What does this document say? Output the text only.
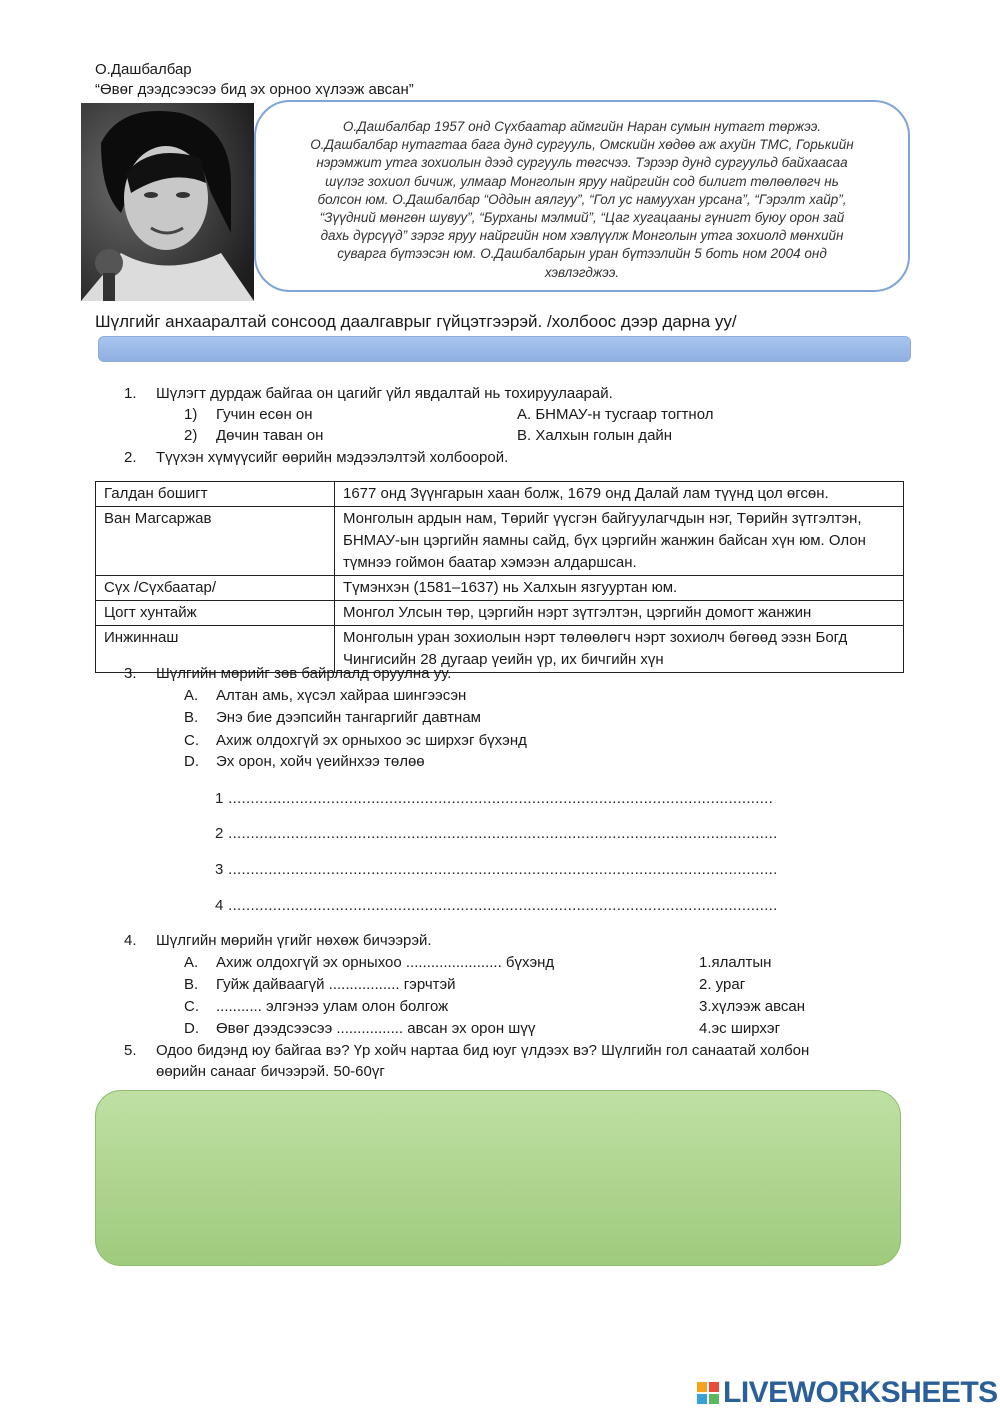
О.Дашбалбар
“Өвөг дээдсээсээ бид эх орноо хүлээж авсан”
О.Дашбалбар 1957 онд Сүхбаатар аймгийн Наран сумын нутагт төржээ.
О.Дашбалбар нутагтаа бага дунд сургууль, Омскийн хөдөө аж ахуйн ТМС, Горькийн
нэрэмжит утга зохиолын дээд сургууль төгсчээ. Тэрээр дунд сургуульд байхаасаа
шүлэг зохиол бичиж, улмаар Монголын яруу найргийн сод билигт төлөөлөгч нь
болсон юм. О.Дашбалбар “Оддын аялгуу”, “Гол ус намуухан урсана”, “Гэрэлт хайр”,
“Зүүдний мөнгөн шувуу”, “Бурханы мэлмий”, “Цаг хугацааны гүнигт буюу орон зай
дахь дүрсүүд” зэрэг яруу найргийн ном хэвлүүлж Монголын утга зохиолд мөнхийн
суварга бүтээсэн юм. О.Дашбалбарын уран бүтээлийн 5 боть ном 2004 онд
хэвлэгджээ.
Шүлгийг анхааралтай сонсоод даалгаврыг гүйцэтгээрэй. /холбоос дээр дарна уу/
1. Шүлэгт дурдаж байгаа он цагийг үйл явдалтай нь тохируулаарай.
1) Гучин есөн он	A. БНМАУ-н тусгаар тогтнол
2) Дөчин таван он	B. Халхын голын дайн
2. Түүхэн хүмүүсийг өөрийн мэдээлэлтэй холбоорой.
Галдан бошигт	1677 онд Зүүнгарын хаан болж, 1679 онд Далай лам түүнд цол өгсөн.
Ван Магсаржав	Монголын ардын нам, Төрийг үүсгэн байгуулагчдын нэг, Төрийн зүтгэлтэн, БНМАУ-ын цэргийн яамны сайд, бүх цэргийн жанжин байсан хүн юм. Олон түмнээ гоймон баатар хэмээн алдаршсан.
Сүх /Сүхбаатар/	Түмэнхэн (1581–1637) нь Халхын язгууртан юм.
Цогт хунтайж	Монгол Улсын төр, цэргийн нэрт зүтгэлтэн, цэргийн домогт жанжин
Инжиннаш	Монголын уран зохиолын нэрт төлөөлөгч нэрт зохиолч бөгөөд ээзн Богд Чингисийн 28 дугаар үеийн үр, их бичгийн хүн
3. Шүлгийн мөрийг зөв байрлалд оруулна уу.
A. Алтан амь, хүсэл хайраа шингээсэн
B. Энэ бие дээпсийн тангаргийг давтнам
C. Ахиж олдохгүй эх орныхоо эс ширхэг бүхэнд
D. Эх орон, хойч үеийнхээ төлөө
1 ..........................................................................................................................
2 ...........................................................................................................................
3 ...........................................................................................................................
4 ...........................................................................................................................
4. Шүлгийн мөрийн үгийг нөхөж бичээрэй.
A. Ахиж олдохгүй эх орныхоо ....................... бүхэнд	1.ялалтын
B. Гуйж дайваагүй ................. гэрчтэй	2. ураг
C. ........... элгэнээ улам олон болгож	3.хүлээж авсан
D. Өвөг дээдсээсээ ................ авсан эх орон шүү	4.эс ширхэг
5. Одоо бидэнд юу байгаа вэ? Үр хойч нартаа бид юуг үлдээх вэ? Шүлгийн гол санаатай холбон
өөрийн санааг бичээрэй. 50-60үг
LIVEWORKSHEETS
